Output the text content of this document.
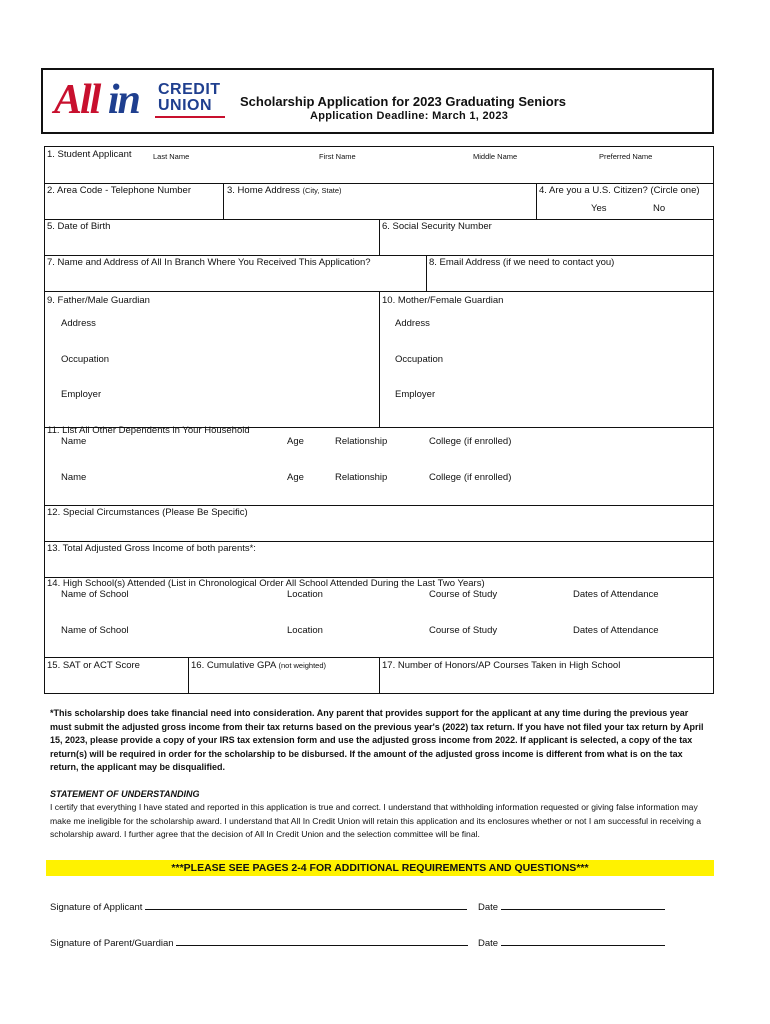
All in CREDIT
UNION	Scholarship Application for 2023 Graduating Seniors
Application Deadline: March 1, 2023
1. Student Applicant	Last Name	First Name	Middle Name	Preferred Name
2. Area Code - Telephone Number	3. Home Address (City, State)	4. Are you a U.S. Citizen? (Circle one)
Yes	No
5. Date of Birth	6. Social Security Number
7. Name and Address of All In Branch Where You Received This Application?	8. Email Address (if we need to contact you)
9. Father/Male Guardian	10. Mother/Female Guardian
Address	Address
Occupation	Occupation
Employer	Employer
11. List All Other Dependents in Your Household
Name	Age	Relationship	College (if enrolled)
Name	Age	Relationship	College (if enrolled)
12. Special Circumstances (Please Be Specific)
13. Total Adjusted Gross Income of both parents*:
14. High School(s) Attended (List in Chronological Order All School Attended During the Last Two Years)
Name of School	Location	Course of Study	Dates of Attendance
Name of School	Location	Course of Study	Dates of Attendance
15. SAT or ACT Score	16. Cumulative GPA (not weighted)	17. Number of Honors/AP Courses Taken in High School
*This scholarship does take financial need into consideration. Any parent that provides support for the applicant at any time during the previous year must submit the adjusted gross income from their tax returns based on the previous year's (2022) tax return. If you have not filed your tax return by April 15, 2023, please provide a copy of your IRS tax extension form and use the adjusted gross income from 2022. If applicant is selected, a copy of the tax return(s) will be required in order for the scholarship to be disbursed. If the amount of the adjusted gross income is different from what is on the tax return, the applicant may be disqualified.
STATEMENT OF UNDERSTANDING
I certify that everything I have stated and reported in this application is true and correct. I understand that withholding information requested or giving false information may make me ineligible for the scholarship award. I understand that All In Credit Union will retain this application and its enclosures whether or not I am successful in receiving a scholarship award. I further agree that the decision of All In Credit Union and the selection committee will be final.
***PLEASE SEE PAGES 2-4 FOR ADDITIONAL REQUIREMENTS AND QUESTIONS***
Signature of Applicant	Date
Signature of Parent/Guardian	Date
